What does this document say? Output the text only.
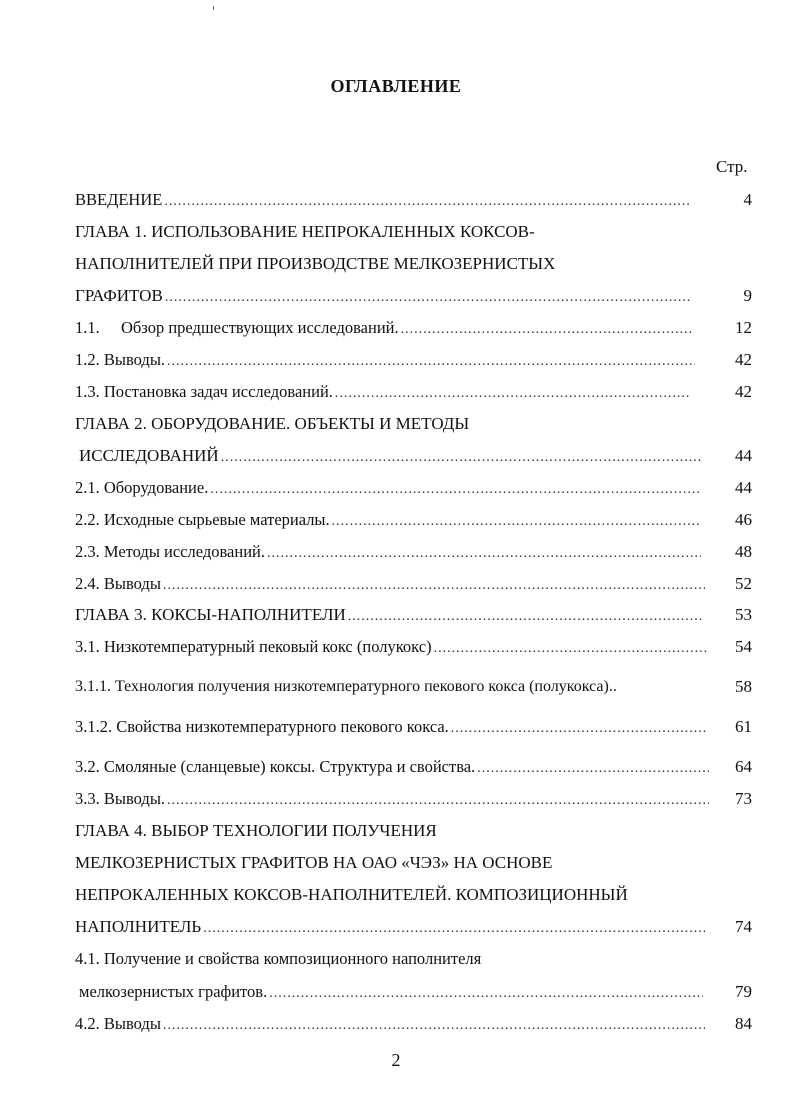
ОГЛАВЛЕНИЕ
Стр.
ВВЕДЕНИЕ .....	4
ГЛАВА 1. ИСПОЛЬЗОВАНИЕ НЕПРОКАЛЕННЫХ КОКСОВ-
НАПОЛНИТЕЛЕЙ ПРИ ПРОИЗВОДСТВЕ МЕЛКОЗЕРНИСТЫХ
ГРАФИТОВ .....	9
1.1.	Обзор предшествующих исследований. .....	12
1.2. Выводы. .....	42
1.3. Постановка задач исследований. .....	42
ГЛАВА 2. ОБОРУДОВАНИЕ. ОБЪЕКТЫ И МЕТОДЫ
ИССЛЕДОВАНИЙ .....	44
2.1. Оборудование. .....	44
2.2. Исходные сырьевые материалы. .....	46
2.3. Методы исследований. .....	48
2.4. Выводы .....	52
ГЛАВА 3. КОКСЫ-НАПОЛНИТЕЛИ .....	53
3.1. Низкотемпературный пековый кокс (полукокс) .....	54
3.1.1. Технология получения низкотемпературного пекового кокса (полукокса)..	58
3.1.2. Свойства низкотемпературного пекового кокса. .....	61
3.2. Смоляные (сланцевые) коксы. Структура и свойства. .....	64
3.3. Выводы. .....	73
ГЛАВА 4. ВЫБОР ТЕХНОЛОГИИ ПОЛУЧЕНИЯ
МЕЛКОЗЕРНИСТЫХ ГРАФИТОВ НА ОАО «ЧЭЗ» НА ОСНОВЕ
НЕПРОКАЛЕННЫХ КОКСОВ-НАПОЛНИТЕЛЕЙ. КОМПОЗИЦИОННЫЙ
НАПОЛНИТЕЛЬ .....	74
4.1. Получение и свойства композиционного наполнителя
мелкозернистых графитов. .....	79
4.2. Выводы .....	84
2
